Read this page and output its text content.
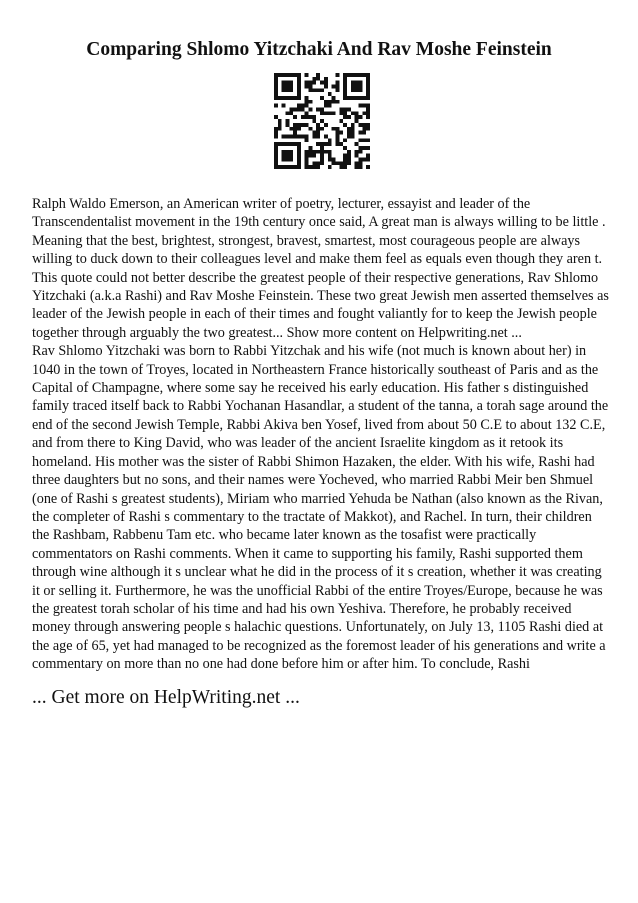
Comparing Shlomo Yitzchaki And Rav Moshe Feinstein

Ralph Waldo Emerson, an American writer of poetry, lecturer, essayist and leader of the Transcendentalist movement in the 19th century once said, A great man is always willing to be little . Meaning that the best, brightest, strongest, bravest, smartest, most courageous people are always willing to duck down to their colleagues level and make them feel as equals even though they aren t. This quote could not better describe the greatest people of their respective generations, Rav Shlomo Yitzchaki (a.k.a Rashi) and Rav Moshe Feinstein. These two great Jewish men asserted themselves as leader of the Jewish people in each of their times and fought valiantly for to keep the Jewish people together through arguably the two greatest... Show more content on Helpwriting.net ...

Rav Shlomo Yitzchaki was born to Rabbi Yitzchak and his wife (not much is known about her) in 1040 in the town of Troyes, located in Northeastern France historically southeast of Paris and as the Capital of Champagne, where some say he received his early education. His father s distinguished family traced itself back to Rabbi Yochanan Hasandlar, a student of the tanna, a torah sage around the end of the second Jewish Temple, Rabbi Akiva ben Yosef, lived from about 50 C.E to about 132 C.E, and from there to King David, who was leader of the ancient Israelite kingdom as it retook its homeland. His mother was the sister of Rabbi Shimon Hazaken, the elder. With his wife, Rashi had three daughters but no sons, and their names were Yocheved, who married Rabbi Meir ben Shmuel (one of Rashi s greatest students), Miriam who married Yehuda be Nathan (also known as the Rivan, the completer of Rashi s commentary to the tractate of Makkot), and Rachel. In turn, their children the Rashbam, Rabbenu Tam etc. who became later known as the tosafist were practically commentators on Rashi comments. When it came to supporting his family, Rashi supported them through wine although it s unclear what he did in the process of it s creation, whether it was creating it or selling it. Furthermore, he was the unofficial Rabbi of the entire Troyes/Europe, because he was the greatest torah scholar of his time and had his own Yeshiva. Therefore, he probably received money through answering people s halachic questions. Unfortunately, on July 13, 1105 Rashi died at the age of 65, yet had managed to be recognized as the foremost leader of his generations and write a commentary on more than no one had done before him or after him. To conclude, Rashi

... Get more on HelpWriting.net ...
